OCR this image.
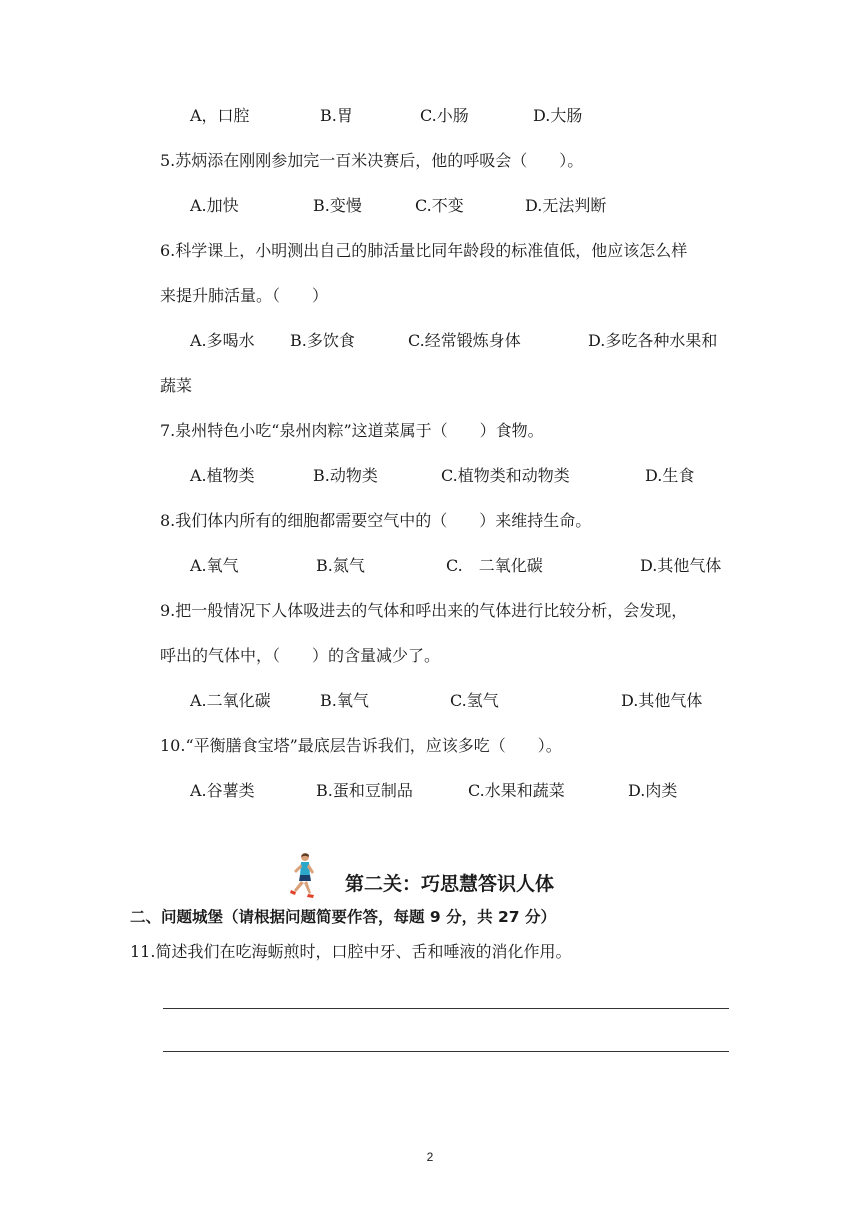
A，口腔	B.胃	C.小肠	D.大肠
5.苏炳添在刚刚参加完一百米决赛后，他的呼吸会（　　）。
A.加快	B.变慢	C.不变	D.无法判断
6.科学课上，小明测出自己的肺活量比同年龄段的标准值低，他应该怎么样
来提升肺活量。（　　）
A.多喝水 B.多饮食	C.经常锻炼身体	D.多吃各种水果和
蔬菜
7.泉州特色小吃“泉州肉粽”这道菜属于（　　）食物。
A.植物类	B.动物类	C.植物类和动物类	D.生食
8.我们体内所有的细胞都需要空气中的（　　）来维持生命。
A.氧气	B.氮气	C.　二氧化碳	D.其他气体
9.把一般情况下人体吸进去的气体和呼出来的气体进行比较分析，会发现，
呼出的气体中，（　　）的含量减少了。
A.二氧化碳	B.氧气	C.氢气	D.其他气体
10.“平衡膳食宝塔”最底层告诉我们，应该多吃（　　）。
A.谷薯类	B.蛋和豆制品	C.水果和蔬菜	D.肉类
第二关：巧思慧答识人体
二、问题城堡（请根据问题简要作答，每题 9 分，共 27 分）
11.简述我们在吃海蛎煎时，口腔中牙、舌和唾液的消化作用。
2
